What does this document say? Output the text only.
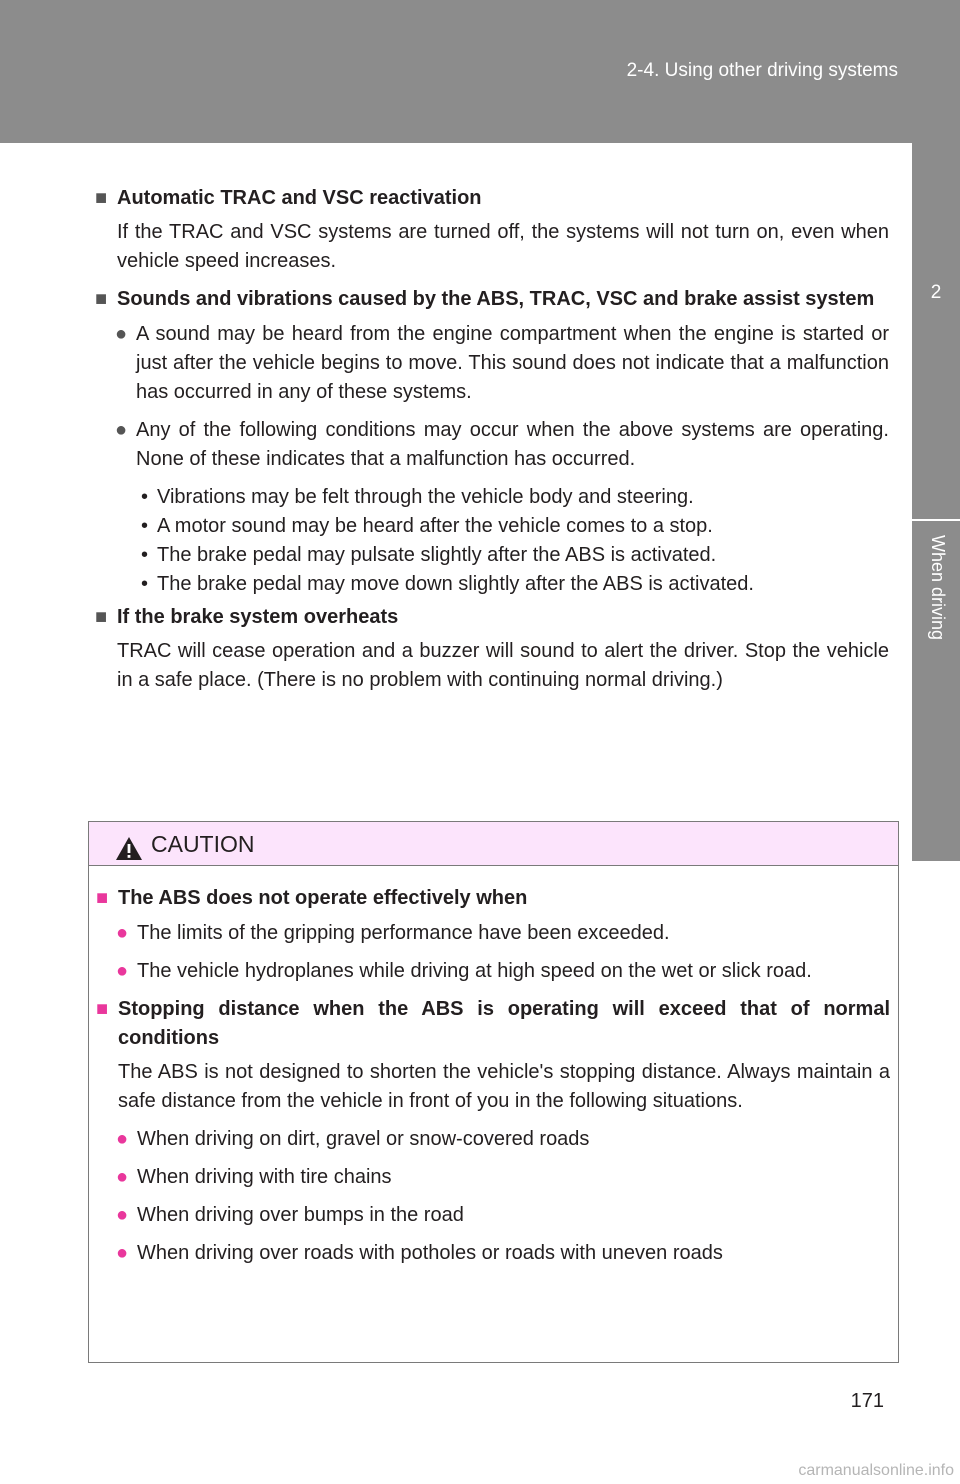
2-4. Using other driving systems
2
When driving

■ Automatic TRAC and VSC reactivation

If the TRAC and VSC systems are turned off, the systems will not turn on, even when vehicle speed increases.

■ Sounds and vibrations caused by the ABS, TRAC, VSC and brake assist system

● A sound may be heard from the engine compartment when the engine is started or just after the vehicle begins to move. This sound does not indicate that a malfunction has occurred in any of these systems.
● Any of the following conditions may occur when the above systems are operating. None of these indicates that a malfunction has occurred.

• Vibrations may be felt through the vehicle body and steering.

• A motor sound may be heard after the vehicle comes to a stop.

• The brake pedal may pulsate slightly after the ABS is activated.

• The brake pedal may move down slightly after the ABS is activated.

■ If the brake system overheats

TRAC will cease operation and a buzzer will sound to alert the driver. Stop the vehicle in a safe place. (There is no problem with continuing normal driving.)

CAUTION

■ The ABS does not operate effectively when

● The limits of the gripping performance have been exceeded.
● The vehicle hydroplanes while driving at high speed on the wet or slick road.

■ Stopping distance when the ABS is operating will exceed that of normal conditions

The ABS is not designed to shorten the vehicle's stopping distance. Always maintain a safe distance from the vehicle in front of you in the following situations.

● When driving on dirt, gravel or snow-covered roads
● When driving with tire chains
● When driving over bumps in the road
● When driving over roads with potholes or roads with uneven roads
171
carmanualsonline.info
